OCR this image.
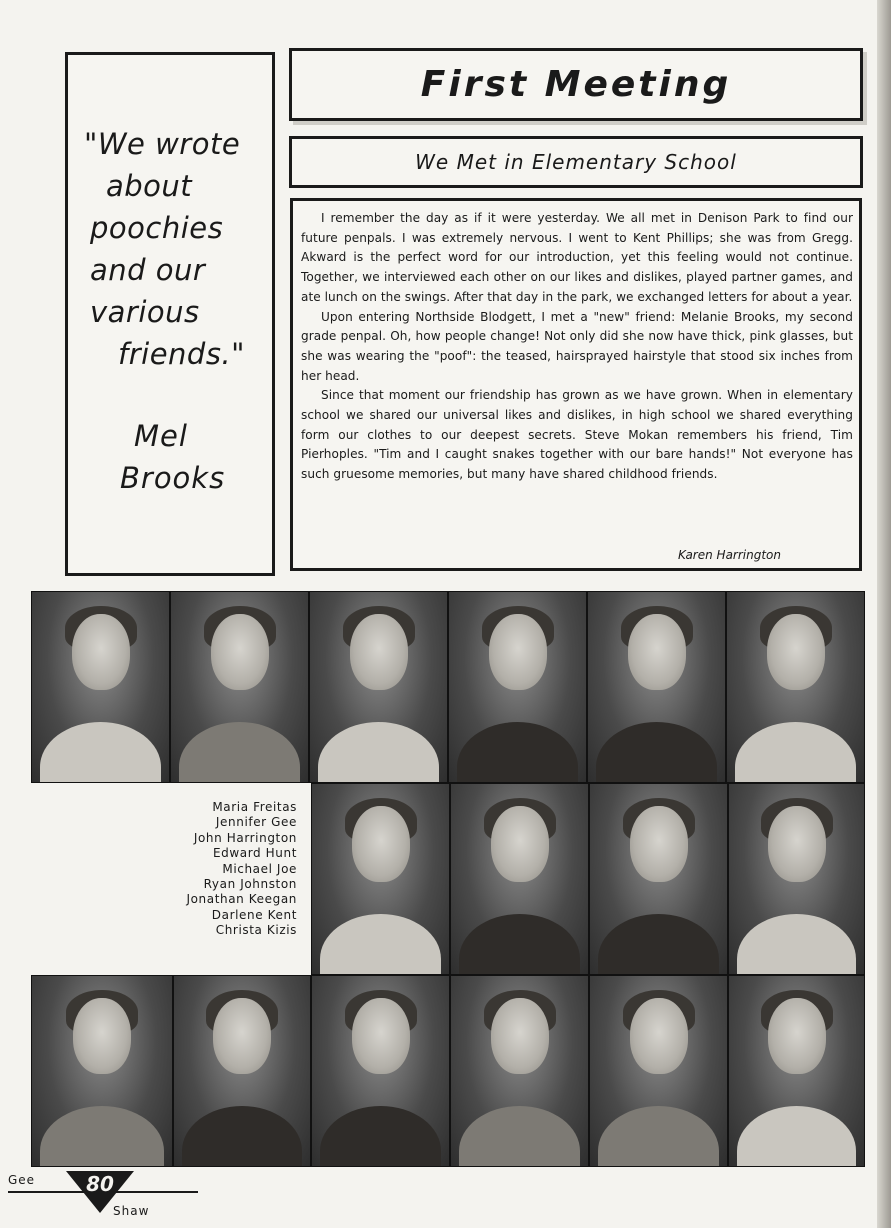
"We wrote
about
poochies
and our
various
friends."
Mel
Brooks
First Meeting
We Met in Elementary School

I remember the day as if it were yesterday. We all met in Denison Park to find our future penpals. I was extremely nervous. I went to Kent Phillips; she was from Gregg. Akward is the perfect word for our introduction, yet this feeling would not continue. Together, we interviewed each other on our likes and dislikes, played partner games, and ate lunch on the swings. After that day in the park, we exchanged letters for about a year.

Upon entering Northside Blodgett, I met a "new" friend: Melanie Brooks, my second grade penpal. Oh, how people change! Not only did she now have thick, pink glasses, but she was wearing the "poof": the teased, hairsprayed hairstyle that stood six inches from her head.

Since that moment our friendship has grown as we have grown. When in elementary school we shared our universal likes and dislikes, in high school we shared everything form our clothes to our deepest secrets. Steve Mokan remembers his friend, Tim Pierhoples. "Tim and I caught snakes together with our bare hands!" Not everyone has such gruesome memories, but many have shared childhood friends.

Karen Harrington
Maria Freitas
Jennifer Gee
John Harrington
Edward Hunt
Michael Joe
Ryan Johnston
Jonathan Keegan
Darlene Kent
Christa Kizis
Gee	80
Shaw
